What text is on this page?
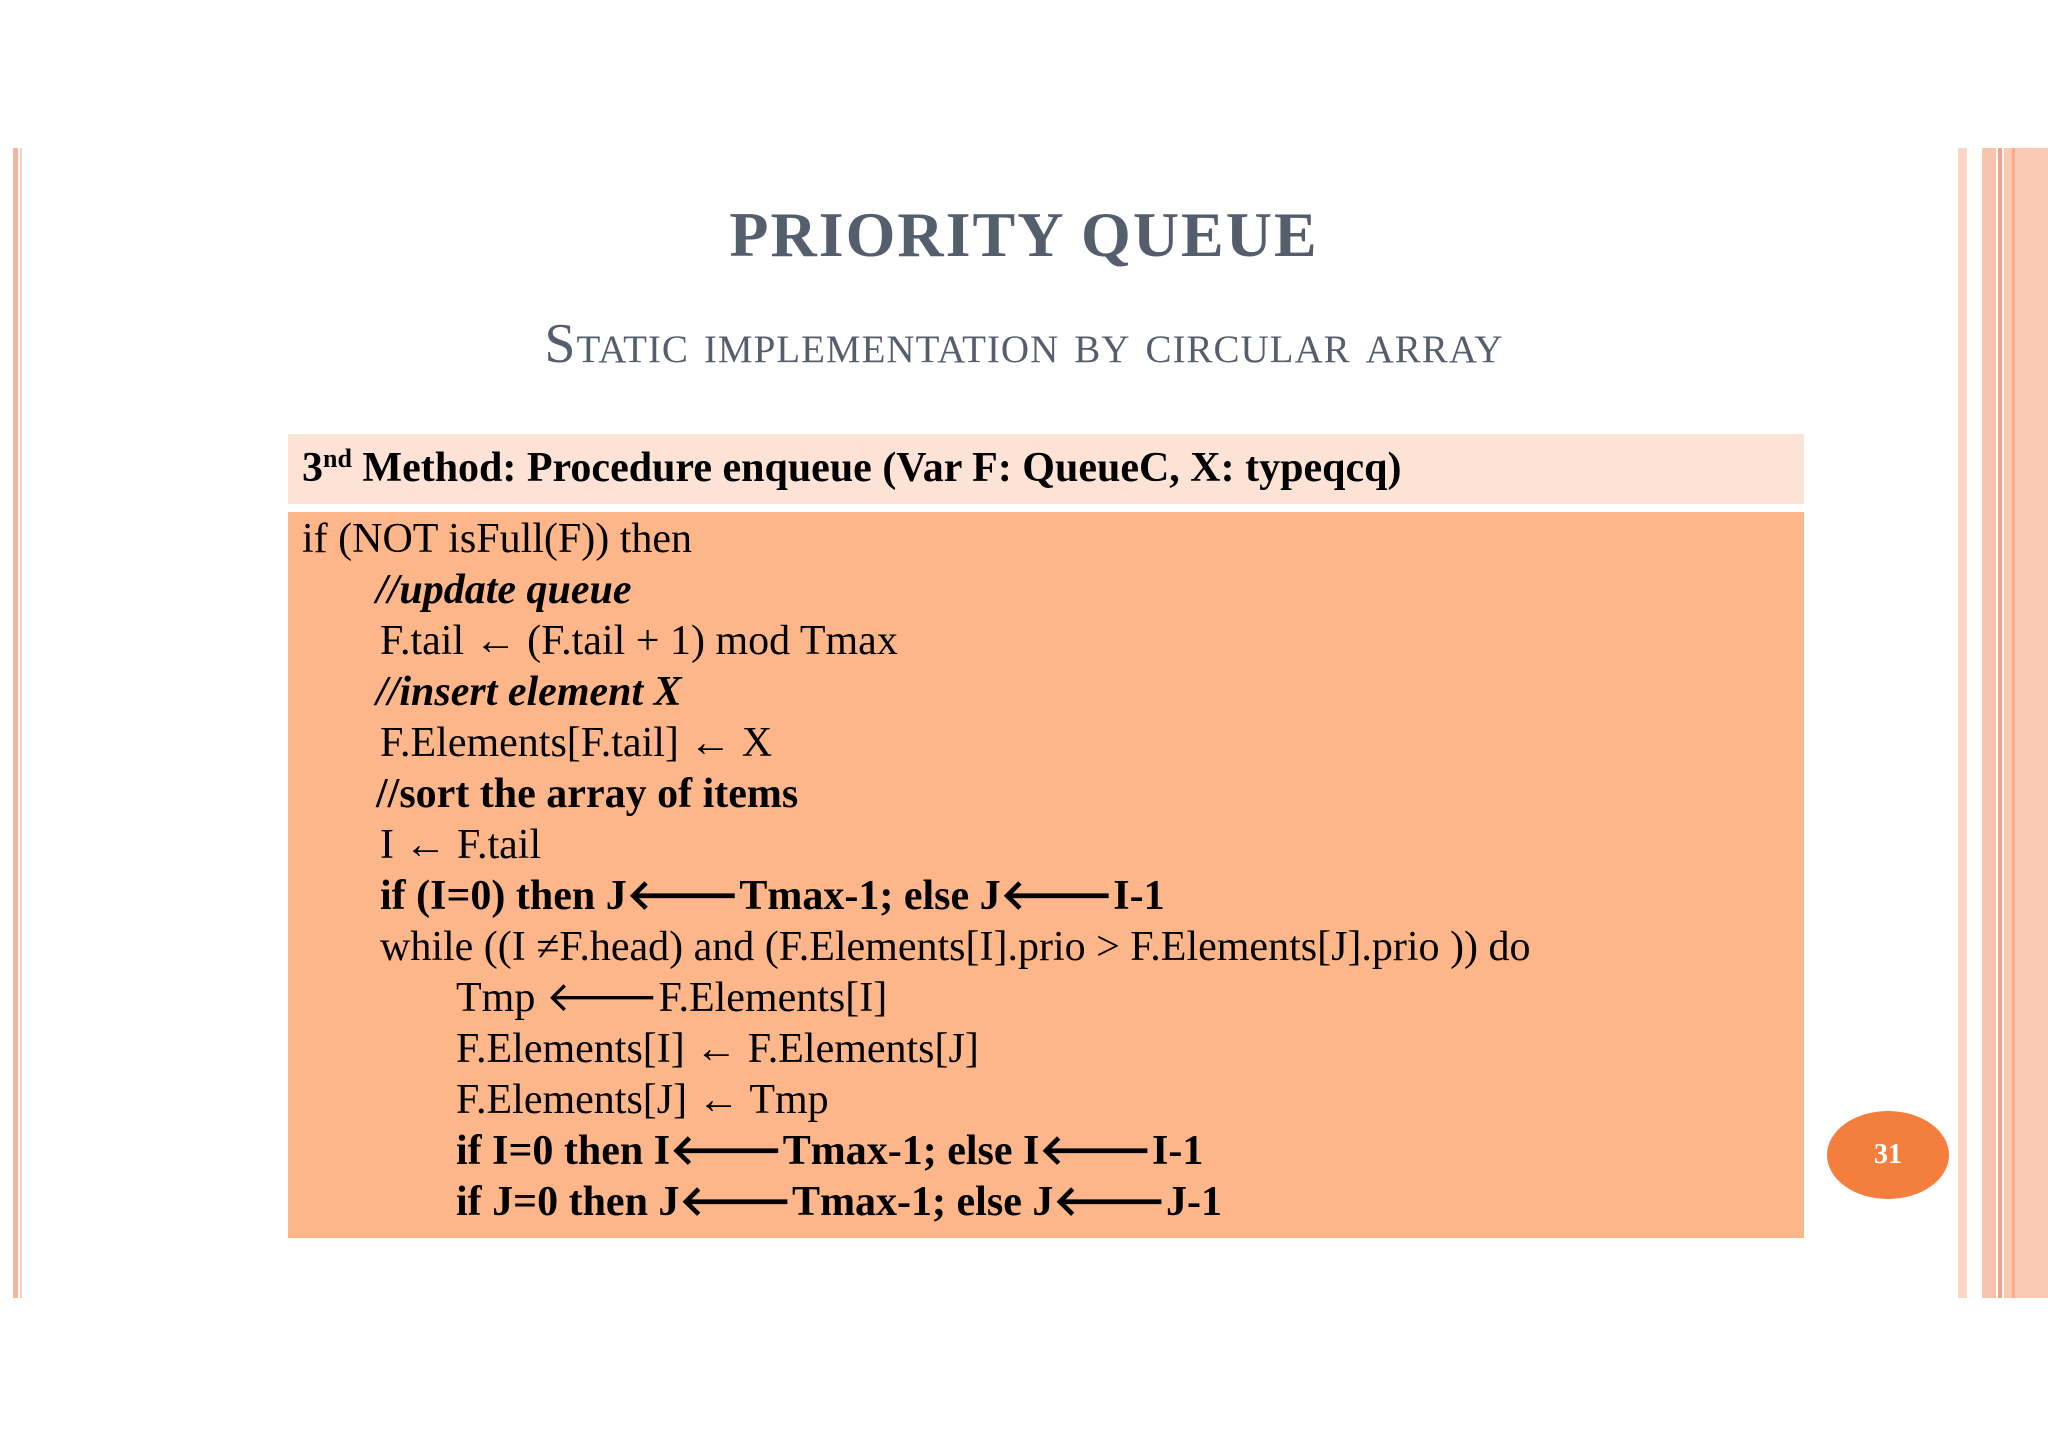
PRIORITY QUEUE
Static implementation by circular array
3nd Method: Procedure enqueue (Var F: QueueC, X: typeqcq)
if (NOT isFull(F)) then
//update queue
F.tail ← (F.tail + 1) mod Tmax
//insert element X
F.Elements[F.tail] ← X
//sort the array of items
I ← F.tail
if (I=0) then J🡐Tmax-1; else J🡐I-1
while ((I ≠F.head) and (F.Elements[I].prio > F.Elements[J].prio )) do
Tmp 🡐F.Elements[I]
F.Elements[I] ← F.Elements[J]
F.Elements[J] ← Tmp
if I=0 then I🡐Tmax-1; else I🡐I-1
if J=0 then J🡐Tmax-1; else J🡐J-1
31
